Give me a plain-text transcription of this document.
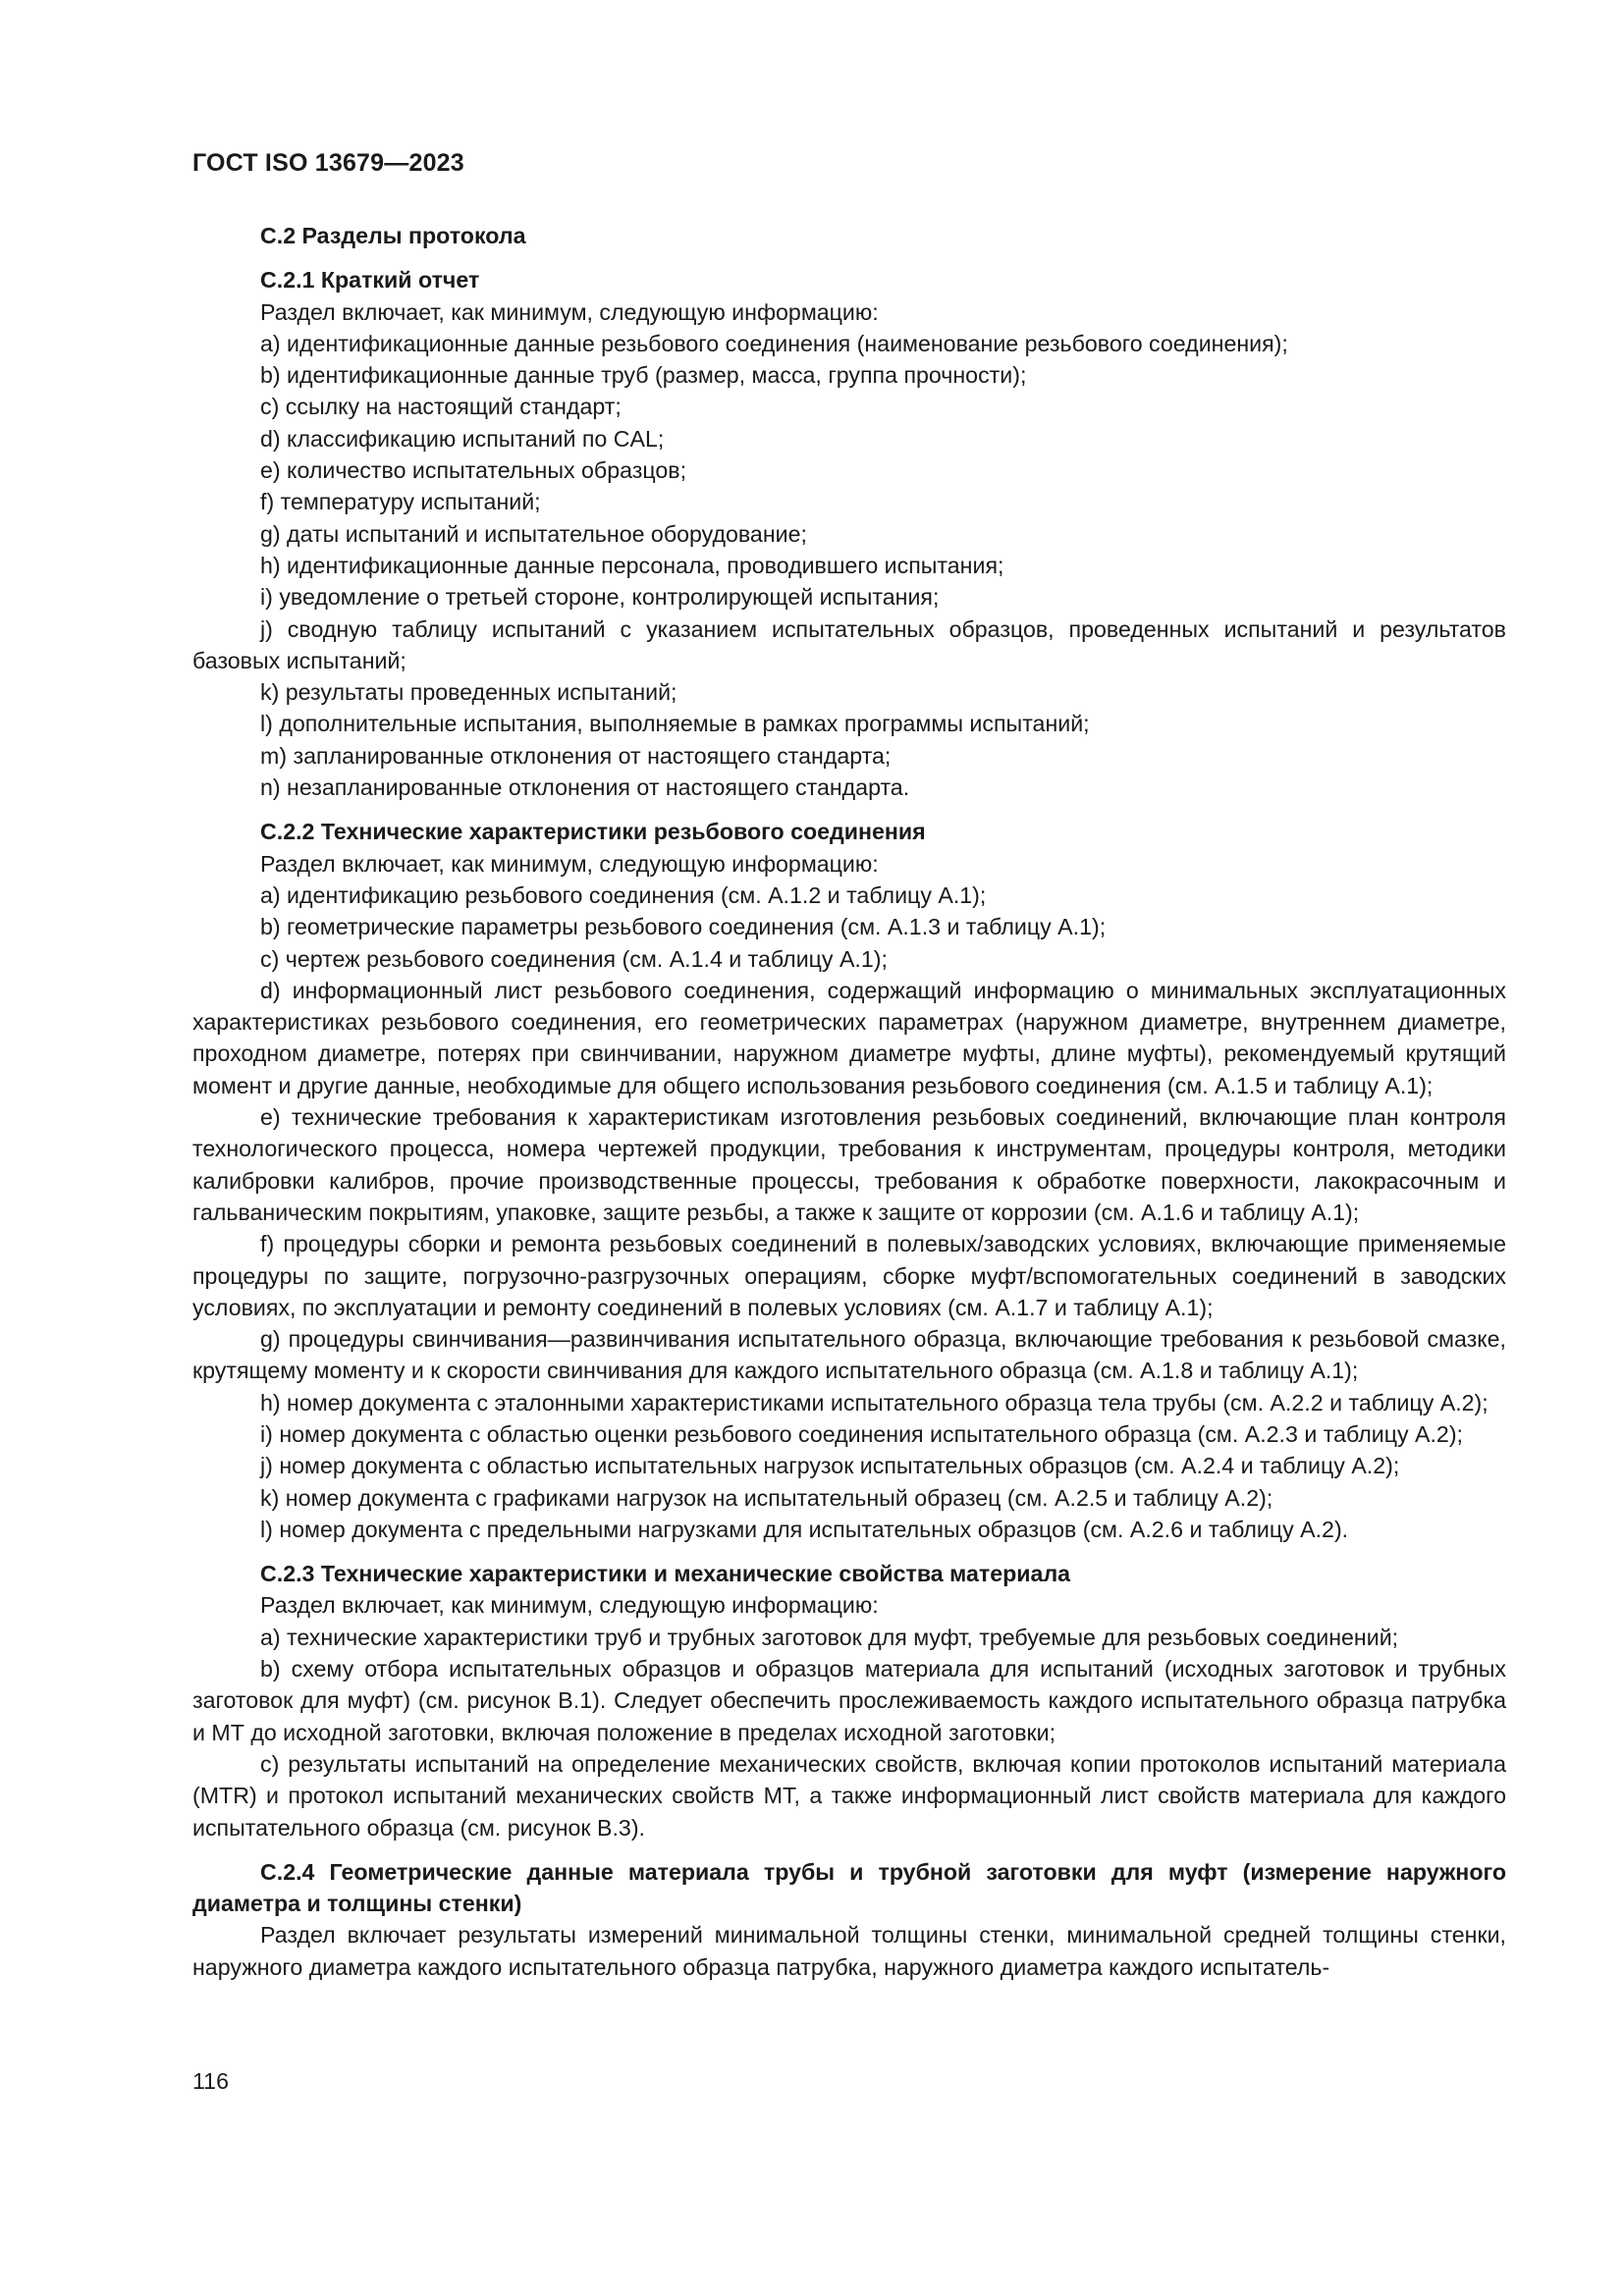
ГОСТ ISO 13679—2023
С.2 Разделы протокола
С.2.1 Краткий отчет
Раздел включает, как минимум, следующую информацию:
a) идентификационные данные резьбового соединения (наименование резьбового соединения);
b) идентификационные данные труб (размер, масса, группа прочности);
c) ссылку на настоящий стандарт;
d) классификацию испытаний по CAL;
e) количество испытательных образцов;
f) температуру испытаний;
g) даты испытаний и испытательное оборудование;
h) идентификационные данные персонала, проводившего испытания;
i) уведомление о третьей стороне, контролирующей испытания;
j) сводную таблицу испытаний с указанием испытательных образцов, проведенных испытаний и результатов базовых испытаний;
k) результаты проведенных испытаний;
l) дополнительные испытания, выполняемые в рамках программы испытаний;
m) запланированные отклонения от настоящего стандарта;
n) незапланированные отклонения от настоящего стандарта.
С.2.2 Технические характеристики резьбового соединения
Раздел включает, как минимум, следующую информацию:
a) идентификацию резьбового соединения (см. А.1.2 и таблицу А.1);
b) геометрические параметры резьбового соединения (см. А.1.3 и таблицу А.1);
c) чертеж резьбового соединения (см. А.1.4 и таблицу А.1);
d) информационный лист резьбового соединения, содержащий информацию о минимальных эксплуатационных характеристиках резьбового соединения, его геометрических параметрах (наружном диаметре, внутреннем диаметре, проходном диаметре, потерях при свинчивании, наружном диаметре муфты, длине муфты), рекомендуемый крутящий момент и другие данные, необходимые для общего использования резьбового соединения (см. А.1.5 и таблицу А.1);
e) технические требования к характеристикам изготовления резьбовых соединений, включающие план контроля технологического процесса, номера чертежей продукции, требования к инструментам, процедуры контроля, методики калибровки калибров, прочие производственные процессы, требования к обработке поверхности, лакокрасочным и гальваническим покрытиям, упаковке, защите резьбы, а также к защите от коррозии (см. А.1.6 и таблицу А.1);
f) процедуры сборки и ремонта резьбовых соединений в полевых/заводских условиях, включающие применяемые процедуры по защите, погрузочно-разгрузочных операциям, сборке муфт/вспомогательных соединений в заводских условиях, по эксплуатации и ремонту соединений в полевых условиях (см. А.1.7 и таблицу А.1);
g) процедуры свинчивания—развинчивания испытательного образца, включающие требования к резьбовой смазке, крутящему моменту и к скорости свинчивания для каждого испытательного образца (см. А.1.8 и таблицу А.1);
h) номер документа с эталонными характеристиками испытательного образца тела трубы (см. А.2.2 и таблицу А.2);
i) номер документа с областью оценки резьбового соединения испытательного образца (см. А.2.3 и таблицу А.2);
j) номер документа с областью испытательных нагрузок испытательных образцов (см. А.2.4 и таблицу А.2);
k) номер документа с графиками нагрузок на испытательный образец (см. А.2.5 и таблицу А.2);
l) номер документа с предельными нагрузками для испытательных образцов (см. А.2.6 и таблицу А.2).
С.2.3 Технические характеристики и механические свойства материала
Раздел включает, как минимум, следующую информацию:
a) технические характеристики труб и трубных заготовок для муфт, требуемые для резьбовых соединений;
b) схему отбора испытательных образцов и образцов материала для испытаний (исходных заготовок и трубных заготовок для муфт) (см. рисунок В.1). Следует обеспечить прослеживаемость каждого испытательного образца патрубка и МТ до исходной заготовки, включая положение в пределах исходной заготовки;
c) результаты испытаний на определение механических свойств, включая копии протоколов испытаний материала (MTR) и протокол испытаний механических свойств МТ, а также информационный лист свойств материала для каждого испытательного образца (см. рисунок В.3).
С.2.4 Геометрические данные материала трубы и трубной заготовки для муфт (измерение наружного диаметра и толщины стенки)
Раздел включает результаты измерений минимальной толщины стенки, минимальной средней толщины стенки, наружного диаметра каждого испытательного образца патрубка, наружного диаметра каждого испытатель-
116
